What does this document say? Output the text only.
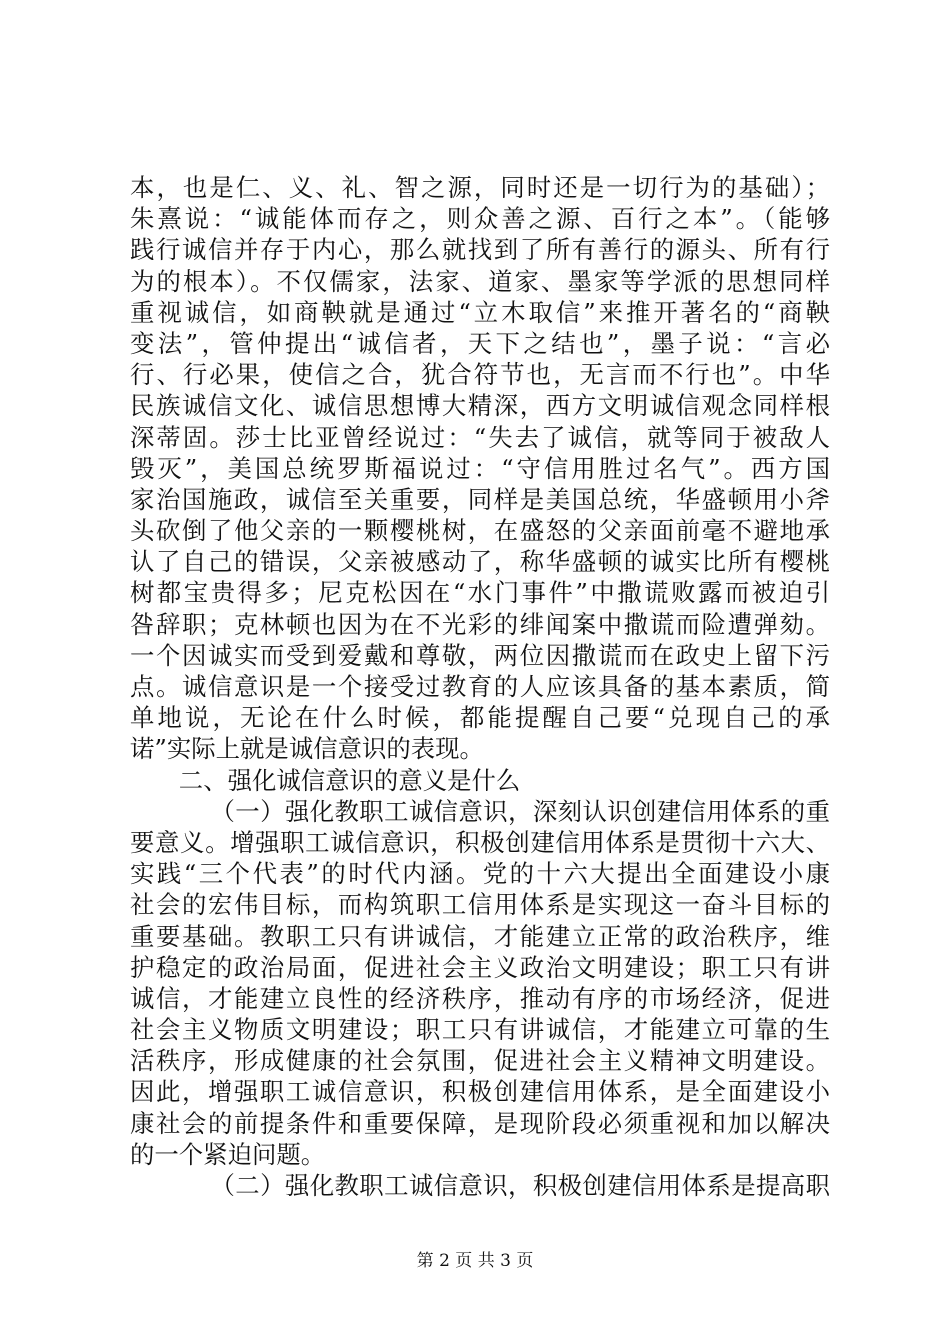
本，也是仁、义、礼、智之源，同时还是一切行为的基础）；
朱熹说：“诚能体而存之，则众善之源、百行之本”。（能够
践行诚信并存于内心，那么就找到了所有善行的源头、所有行
为的根本）。不仅儒家，法家、道家、墨家等学派的思想同样
重视诚信，如商鞅就是通过“立木取信”来推开著名的“商鞅
变法”，管仲提出“诚信者，天下之结也”，墨子说：“言必
行、行必果，使信之合，犹合符节也，无言而不行也”。中华
民族诚信文化、诚信思想博大精深，西方文明诚信观念同样根
深蒂固。莎士比亚曾经说过：“失去了诚信，就等同于被敌人
毁灭”，美国总统罗斯福说过：“守信用胜过名气”。西方国
家治国施政，诚信至关重要，同样是美国总统，华盛顿用小斧
头砍倒了他父亲的一颗樱桃树，在盛怒的父亲面前毫不避地承
认了自己的错误，父亲被感动了，称华盛顿的诚实比所有樱桃
树都宝贵得多；尼克松因在“水门事件”中撒谎败露而被迫引
咎辞职；克林顿也因为在不光彩的绯闻案中撒谎而险遭弹劾。
一个因诚实而受到爱戴和尊敬，两位因撒谎而在政史上留下污
点。诚信意识是一个接受过教育的人应该具备的基本素质，简
单地说，无论在什么时候，都能提醒自己要“兑现自己的承
诺”实际上就是诚信意识的表现。
二、强化诚信意识的意义是什么
（一）强化教职工诚信意识，深刻认识创建信用体系的重
要意义。增强职工诚信意识，积极创建信用体系是贯彻十六大、
实践“三个代表”的时代内涵。党的十六大提出全面建设小康
社会的宏伟目标，而构筑职工信用体系是实现这一奋斗目标的
重要基础。教职工只有讲诚信，才能建立正常的政治秩序，维
护稳定的政治局面，促进社会主义政治文明建设；职工只有讲
诚信，才能建立良性的经济秩序，推动有序的市场经济，促进
社会主义物质文明建设；职工只有讲诚信，才能建立可靠的生
活秩序，形成健康的社会氛围，促进社会主义精神文明建设。
因此，增强职工诚信意识，积极创建信用体系，是全面建设小
康社会的前提条件和重要保障，是现阶段必须重视和加以解决
的一个紧迫问题。
（二）强化教职工诚信意识，积极创建信用体系是提高职
第 2 页 共 3 页
